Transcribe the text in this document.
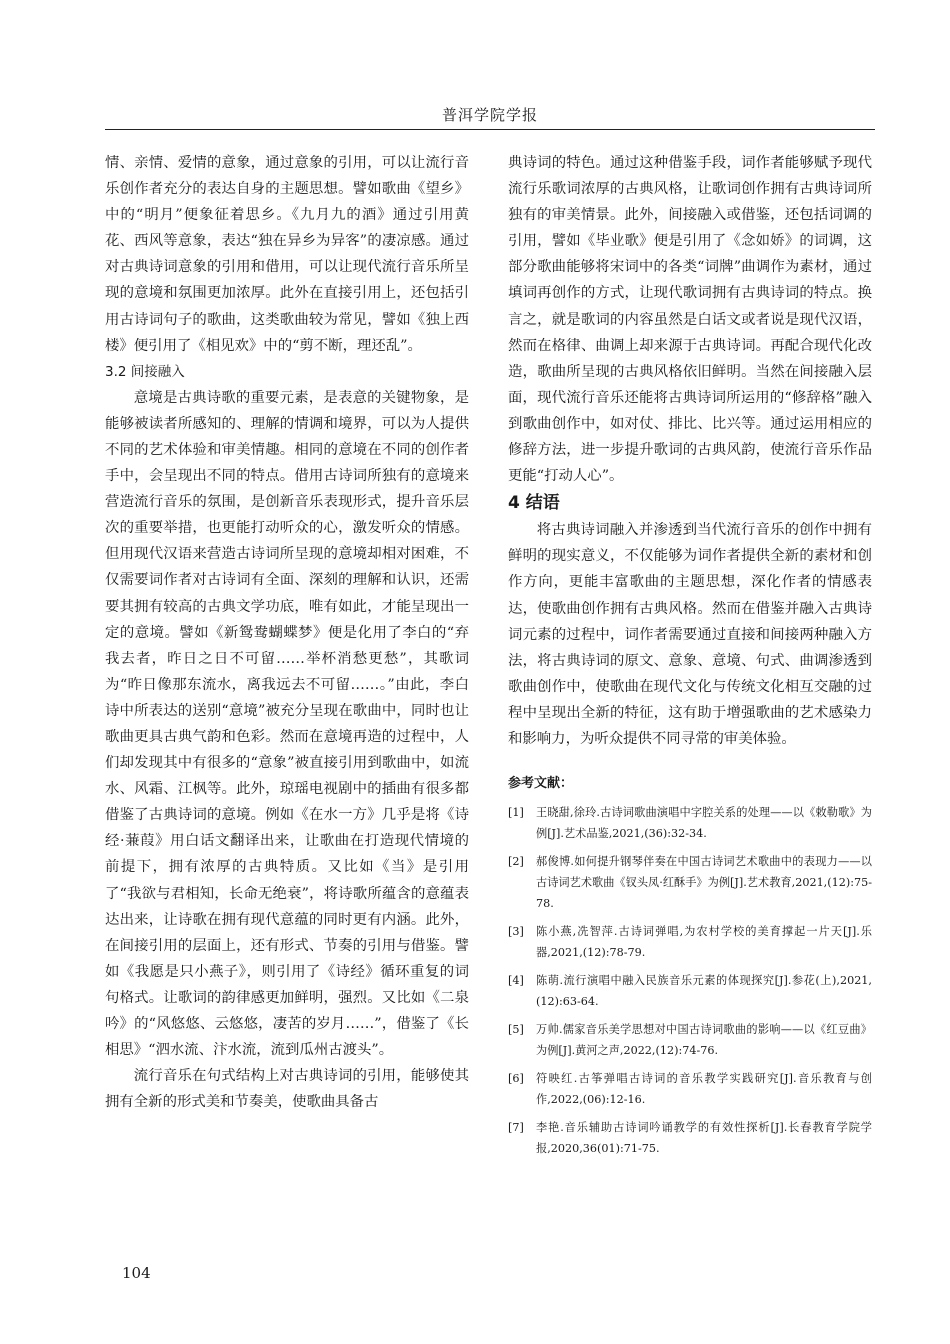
普洱学院学报

情、亲情、爱情的意象，通过意象的引用，可以让流行音乐创作者充分的表达自身的主题思想。譬如歌曲《望乡》中的“明月”便象征着思乡。《九月九的酒》通过引用黄花、西风等意象，表达“独在异乡为异客”的凄凉感。通过对古典诗词意象的引用和借用，可以让现代流行音乐所呈现的意境和氛围更加浓厚。此外在直接引用上，还包括引用古诗词句子的歌曲，这类歌曲较为常见，譬如《独上西楼》便引用了《相见欢》中的“剪不断，理还乱”。

3.2 间接融入

意境是古典诗歌的重要元素，是表意的关键物象，是能够被读者所感知的、理解的情调和境界，可以为人提供不同的艺术体验和审美情趣。相同的意境在不同的创作者手中，会呈现出不同的特点。借用古诗词所独有的意境来营造流行音乐的氛围，是创新音乐表现形式，提升音乐层次的重要举措，也更能打动听众的心，激发听众的情感。但用现代汉语来营造古诗词所呈现的意境却相对困难，不仅需要词作者对古诗词有全面、深刻的理解和认识，还需要其拥有较高的古典文学功底，唯有如此，才能呈现出一定的意境。譬如《新鸳鸯蝴蝶梦》便是化用了李白的“弃我去者，昨日之日不可留……举杯消愁更愁”，其歌词为“昨日像那东流水，离我远去不可留……。”由此，李白诗中所表达的送别“意境”被充分呈现在歌曲中，同时也让歌曲更具古典气韵和色彩。然而在意境再造的过程中，人们却发现其中有很多的“意象”被直接引用到歌曲中，如流水、风霜、江枫等。此外，琼瑶电视剧中的插曲有很多都借鉴了古典诗词的意境。例如《在水一方》几乎是将《诗经·蒹葭》用白话文翻译出来，让歌曲在打造现代情境的前提下，拥有浓厚的古典特质。又比如《当》是引用了“我欲与君相知，长命无绝衰”，将诗歌所蕴含的意蕴表达出来，让诗歌在拥有现代意蕴的同时更有内涵。此外，在间接引用的层面上，还有形式、节奏的引用与借鉴。譬如《我愿是只小燕子》，则引用了《诗经》循环重复的词句格式。让歌词的韵律感更加鲜明，强烈。又比如《二泉吟》的“风悠悠、云悠悠，凄苦的岁月……”，借鉴了《长相思》“泗水流、汴水流，流到瓜州古渡头”。

流行音乐在句式结构上对古典诗词的引用，能够使其拥有全新的形式美和节奏美，使歌曲具备古

典诗词的特色。通过这种借鉴手段，词作者能够赋予现代流行乐歌词浓厚的古典风格，让歌词创作拥有古典诗词所独有的审美情景。此外，间接融入或借鉴，还包括词调的引用，譬如《毕业歌》便是引用了《念如娇》的词调，这部分歌曲能够将宋词中的各类“词牌”曲调作为素材，通过填词再创作的方式，让现代歌词拥有古典诗词的特点。换言之，就是歌词的内容虽然是白话文或者说是现代汉语，然而在格律、曲调上却来源于古典诗词。再配合现代化改造，歌曲所呈现的古典风格依旧鲜明。当然在间接融入层面，现代流行音乐还能将古典诗词所运用的“修辞格”融入到歌曲创作中，如对仗、排比、比兴等。通过运用相应的修辞方法，进一步提升歌词的古典风韵，使流行音乐作品更能“打动人心”。

4 结语

将古典诗词融入并渗透到当代流行音乐的创作中拥有鲜明的现实意义，不仅能够为词作者提供全新的素材和创作方向，更能丰富歌曲的主题思想，深化作者的情感表达，使歌曲创作拥有古典风格。然而在借鉴并融入古典诗词元素的过程中，词作者需要通过直接和间接两种融入方法，将古典诗词的原文、意象、意境、句式、曲调渗透到歌曲创作中，使歌曲在现代文化与传统文化相互交融的过程中呈现出全新的特征，这有助于增强歌曲的艺术感染力和影响力，为听众提供不同寻常的审美体验。

参考文献：
[1]	王晓甜,徐玲.古诗词歌曲演唱中字腔关系的处理——以《敕勒歌》为例[J].艺术品鉴,2021,(36):32-34.
[2]	郝俊博.如何提升钢琴伴奏在中国古诗词艺术歌曲中的表现力——以古诗词艺术歌曲《钗头凤·红酥手》为例[J].艺术教育,2021,(12):75-78.
[3]	陈小燕,冼智萍.古诗词弹唱,为农村学校的美育撑起一片天[J].乐器,2021,(12):78-79.
[4]	陈萌.流行演唱中融入民族音乐元素的体现探究[J].参花(上),2021,(12):63-64.
[5]	万帅.儒家音乐美学思想对中国古诗词歌曲的影响——以《红豆曲》为例[J].黄河之声,2022,(12):74-76.
[6]	符映红.古筝弹唱古诗词的音乐教学实践研究[J].音乐教育与创作,2022,(06):12-16.
[7]	李艳.音乐辅助古诗词吟诵教学的有效性探析[J].长春教育学院学报,2020,36(01):71-75.
104
